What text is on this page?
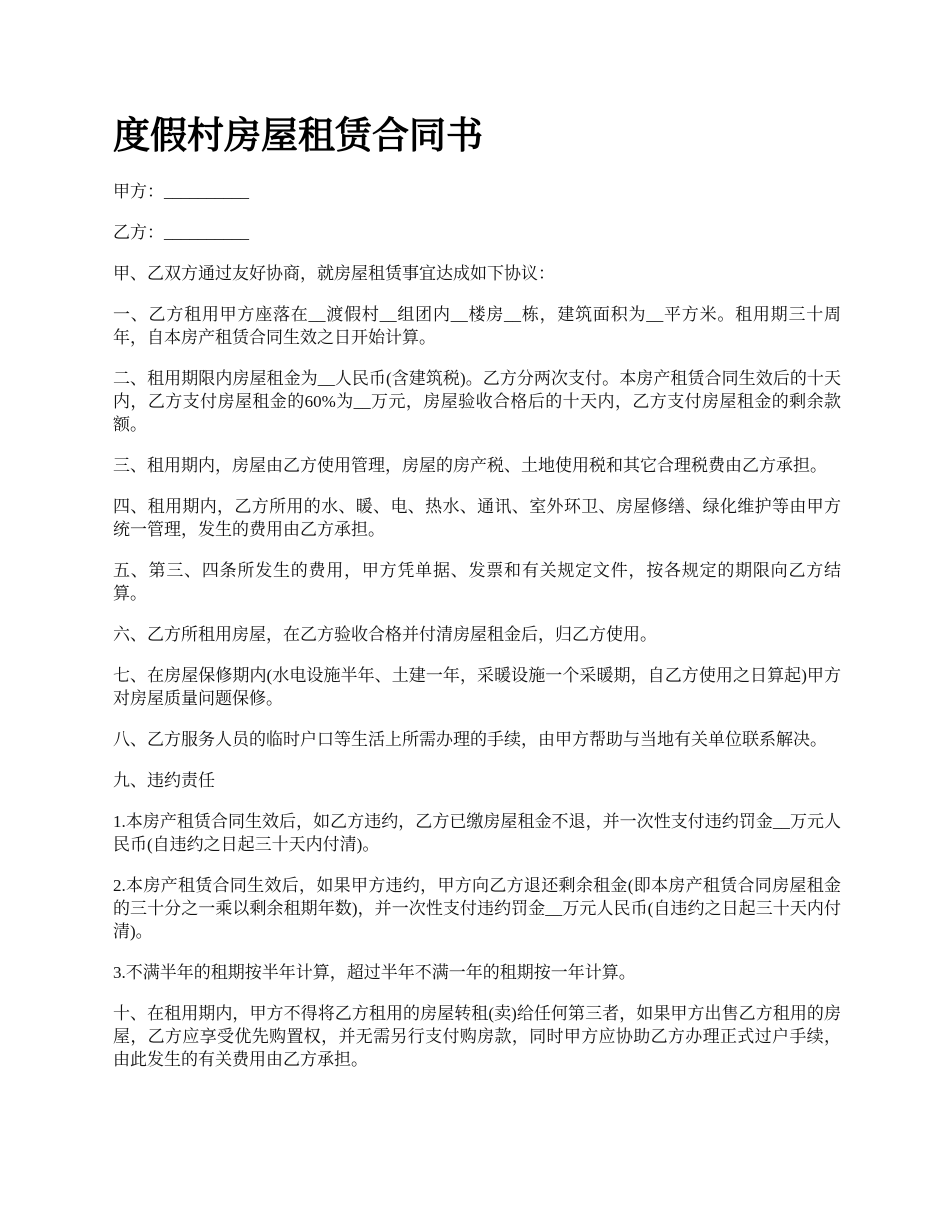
度假村房屋租赁合同书

甲方：__________

乙方：__________

甲、乙双方通过友好协商，就房屋租赁事宜达成如下协议：

一、乙方租用甲方座落在__渡假村__组团内__楼房__栋，建筑面积为__平方米。租用期三十周年，自本房产租赁合同生效之日开始计算。

二、租用期限内房屋租金为__人民币(含建筑税)。乙方分两次支付。本房产租赁合同生效后的十天内，乙方支付房屋租金的60%为__万元，房屋验收合格后的十天内，乙方支付房屋租金的剩余款额。

三、租用期内，房屋由乙方使用管理，房屋的房产税、土地使用税和其它合理税费由乙方承担。

四、租用期内，乙方所用的水、暖、电、热水、通讯、室外环卫、房屋修缮、绿化维护等由甲方统一管理，发生的费用由乙方承担。

五、第三、四条所发生的费用，甲方凭单据、发票和有关规定文件，按各规定的期限向乙方结算。

六、乙方所租用房屋，在乙方验收合格并付清房屋租金后，归乙方使用。

七、在房屋保修期内(水电设施半年、土建一年，采暖设施一个采暖期，自乙方使用之日算起)甲方对房屋质量问题保修。

八、乙方服务人员的临时户口等生活上所需办理的手续，由甲方帮助与当地有关单位联系解决。

九、违约责任

1.本房产租赁合同生效后，如乙方违约，乙方已缴房屋租金不退，并一次性支付违约罚金__万元人民币(自违约之日起三十天内付清)。

2.本房产租赁合同生效后，如果甲方违约，甲方向乙方退还剩余租金(即本房产租赁合同房屋租金的三十分之一乘以剩余租期年数)，并一次性支付违约罚金__万元人民币(自违约之日起三十天内付清)。

3.不满半年的租期按半年计算，超过半年不满一年的租期按一年计算。

十、在租用期内，甲方不得将乙方租用的房屋转租(卖)给任何第三者，如果甲方出售乙方租用的房屋，乙方应享受优先购置权，并无需另行支付购房款，同时甲方应协助乙方办理正式过户手续，由此发生的有关费用由乙方承担。
